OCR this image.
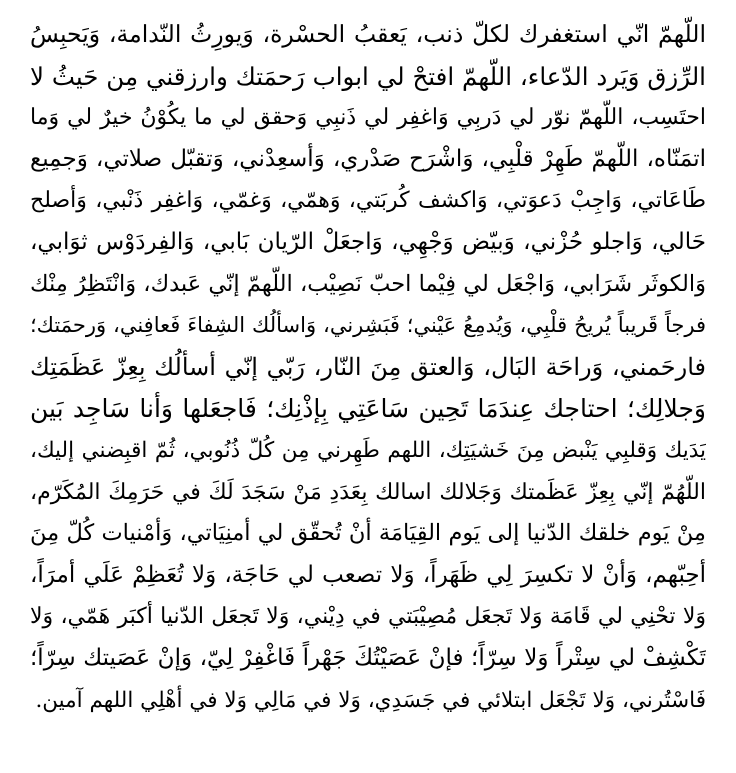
اللّهمّ انّي استغفرك لكلّ ذنب، يَعقبُ الحسْرة، وَيورِثُ النّدامة، وَيَحبِسُ
الرِّزق وَيَرد الدّعاء، اللّهمّ افتحْ لي ابواب رَحمَتك وارزقني مِن حَيثُ لا
احتَسِب، اللّهمّ نوّر لي دَربِي وَاغفِر لي ذَنبِي وَحقق لي ما يكُوْنُ خيرٌ لي وَما
اتمَنّاه، اللّهمّ طَهِرْ قلْبِي، وَاشْرَح صَدْري، وَأسعِدْني، وَتقبّل صلاتي، وَجمِيع
طَاعَاتي، وَاجِبْ دَعوَتي، وَاكشف كُربَتي، وَهمّي، وَغمّي، وَاغفِر ذَنْبي، وَأصلح
حَالي، وَاجلو حُزْني، وَبيّض وَجْهِي، وَاجعَلْ الرّيان بَابي، وَالفِردَوْس ثوَابي،
وَالكوثَر شَرَابي، وَاجْعَل لي فِيْما احبّ نَصِيْب، اللّهمّ إنّي عَبدك، وَانْتَظِرُ مِنْك
فرجاً قَريباً يُريحُ قلْبِي، وَيُدمِعُ عَيْني؛ فَبَشِرني، وَاسألُك الشِفاءَ فَعافِني، وَرحمَتك؛
فارحَمني، وَراحَة البَال، وَالعتق مِنَ النّار، رَبّي إنّي أسألُك بِعِزّ عَظَمَتِك
وَجلالِك؛ احتاجك عِندَمَا تَحِين سَاعَتِي بِإذْنِك؛ فَاجعَلها وَأنا سَاجِد بَين
يَدَيك وَقلبِي يَنْبض مِنَ خَشيَتِك، اللهم طَهِرني مِن كُلّ ذُنُوبي، ثُمّ اقبِضني إليك،
اللّهُمّ إنّي بِعِزّ عَظَمتك وَجَلالك اسالك بِعَدَدِ مَنْ سَجَدَ لَكَ في حَرَمِكَ المُكَرّم،
مِنْ يَوم خلقك الدّنيا إلى يَوم القِيَامَة أنْ تُحقّق لي أمنِيَاتي، وَأمْنيات كُلّ مِنَ
أحِبّهم، وَأنْ لا تكسِرَ لِي ظَهَراً، وَلا تصعب لي حَاجَة، وَلا تُعَظِمْ عَلَي أمرَاً،
وَلا تحْنِي لي قَامَة وَلا تَجعَل مُصِيْبَتي في دِيْني، وَلا تَجعَل الدّنيا أكبَر هَمّي، وَلا
تَكْشِفْ لي سِتْراً وَلا سِرّاً؛ فإنْ عَصَيْتُكَ جَهْراً فَاغْفِرْ لِيّ، وَإنْ عَصَيتك سِرّاً؛
فَاسْتُرني، وَلا تَجْعَل ابتلائي في جَسَدِي، وَلا في مَالِي وَلا في أهْلِي اللهم آمين.
